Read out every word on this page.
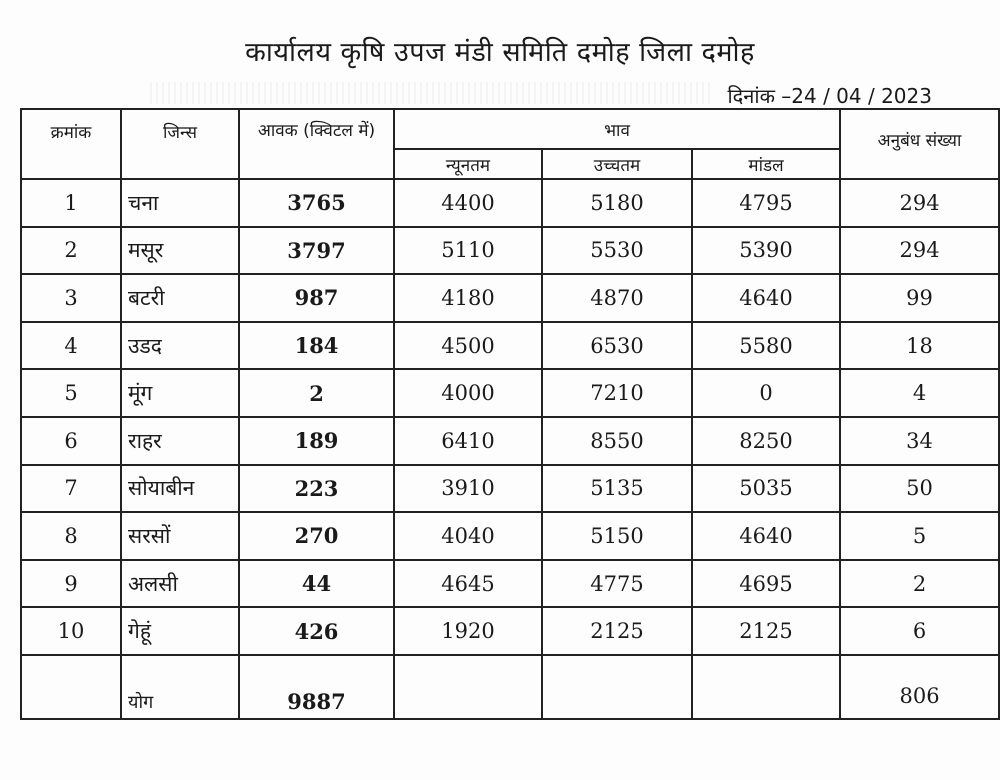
कार्यालय कृषि उपज मंडी समिति दमोह जिला दमोह
दिनांक –24 / 04 / 2023
क्रमांक	जिन्स	आवक (क्विटल में)	भाव			अनुबंध संख्या
			न्यूनतम	उच्चतम	मांडल	
1	चना	3765	4400	5180	4795	294
2	मसूर	3797	5110	5530	5390	294
3	बटरी	987	4180	4870	4640	99
4	उडद	184	4500	6530	5580	18
5	मूंग	2	4000	7210	0	4
6	राहर	189	6410	8550	8250	34
7	सोयाबीन	223	3910	5135	5035	50
8	सरसों	270	4040	5150	4640	5
9	अलसी	44	4645	4775	4695	2
10	गेहूं	426	1920	2125	2125	6
	योग	9887				806
